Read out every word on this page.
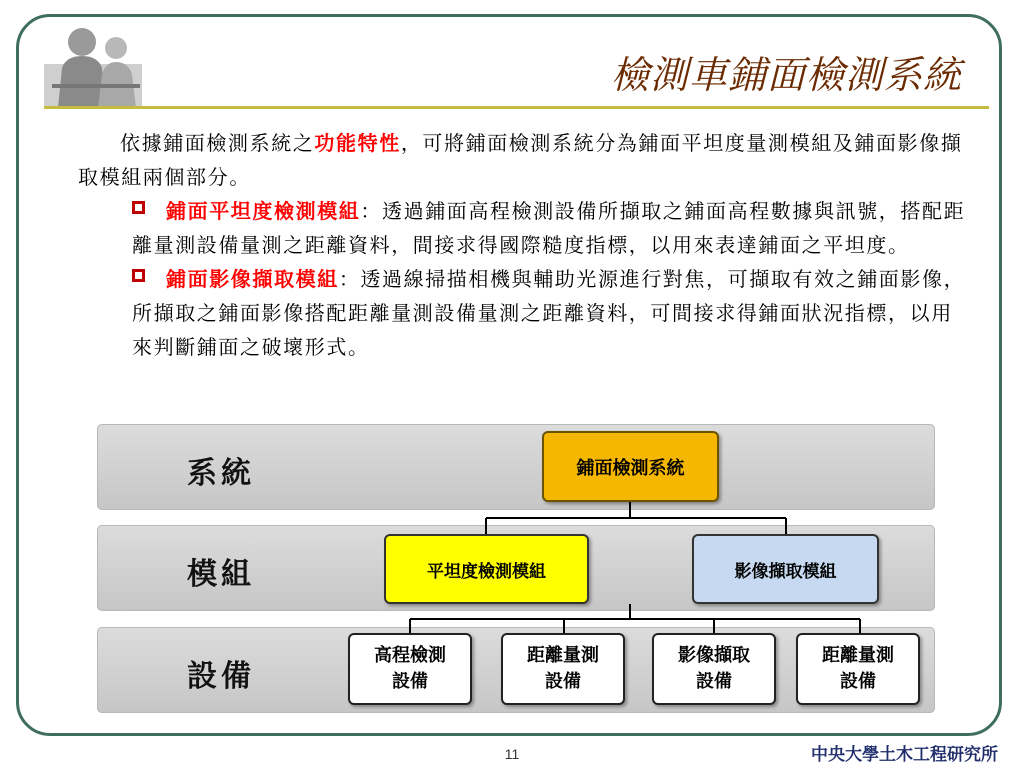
檢測車鋪面檢測系統

依據鋪面檢測系統之功能特性，可將鋪面檢測系統分為鋪面平坦度量測模組及鋪面影像擷取模組兩個部分。

鋪面平坦度檢測模組：透過鋪面高程檢測設備所擷取之鋪面高程數據與訊號，搭配距離量測設備量測之距離資料，間接求得國際糙度指標，以用來表達鋪面之平坦度。

鋪面影像擷取模組：透過線掃描相機與輔助光源進行對焦，可擷取有效之鋪面影像，所擷取之鋪面影像搭配距離量測設備量測之距離資料，可間接求得鋪面狀況指標，以用來判斷鋪面之破壞形式。

系統
模組
設備
鋪面檢測系統
平坦度檢測模組	影像擷取模組
高程檢測
設備
距離量測
設備
影像擷取
設備
距離量測
設備
11	中央大學土木工程研究所
